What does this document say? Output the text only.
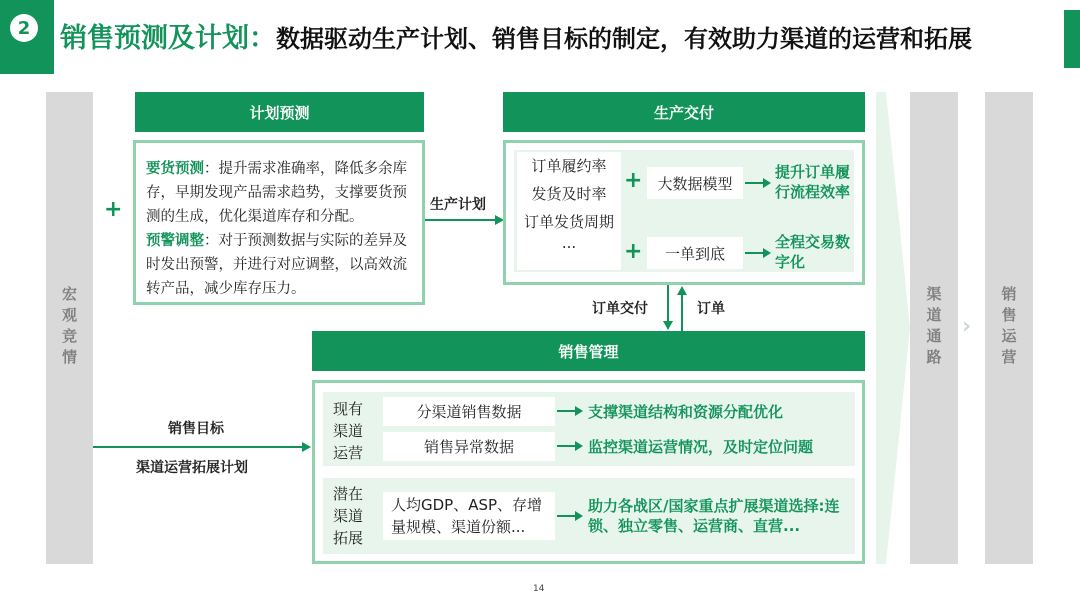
2 销售预测及计划：数据驱动生产计划、销售目标的制定，有效助力渠道的运营和拓展
宏观竞情
计划预测
+
要货预测：提升需求准确率，降低多余库存，早期发现产品需求趋势，支撑要货预测的生成，优化渠道库存和分配。
预警调整：对于预测数据与实际的差异及时发出预警，并进行对应调整，以高效流转产品，减少库存压力。
生产计划
生产交付
订单履约率
发货及时率
订单发货周期
...
+	大数据模型
提升订单履行流程效率
+	一单到底
全程交易数字化
订单交付	订单
销售管理
现有渠道运营
分渠道销售数据	支撑渠道结构和资源分配优化
销售异常数据	监控渠道运营情况，及时定位问题
潜在渠道拓展
人均GDP、ASP、存增量规模、渠道份额...
助力各战区/国家重点扩展渠道选择:连锁、独立零售、运营商、直营...
销售目标
渠道运营拓展计划
渠道通路 ›	销售运营
14
